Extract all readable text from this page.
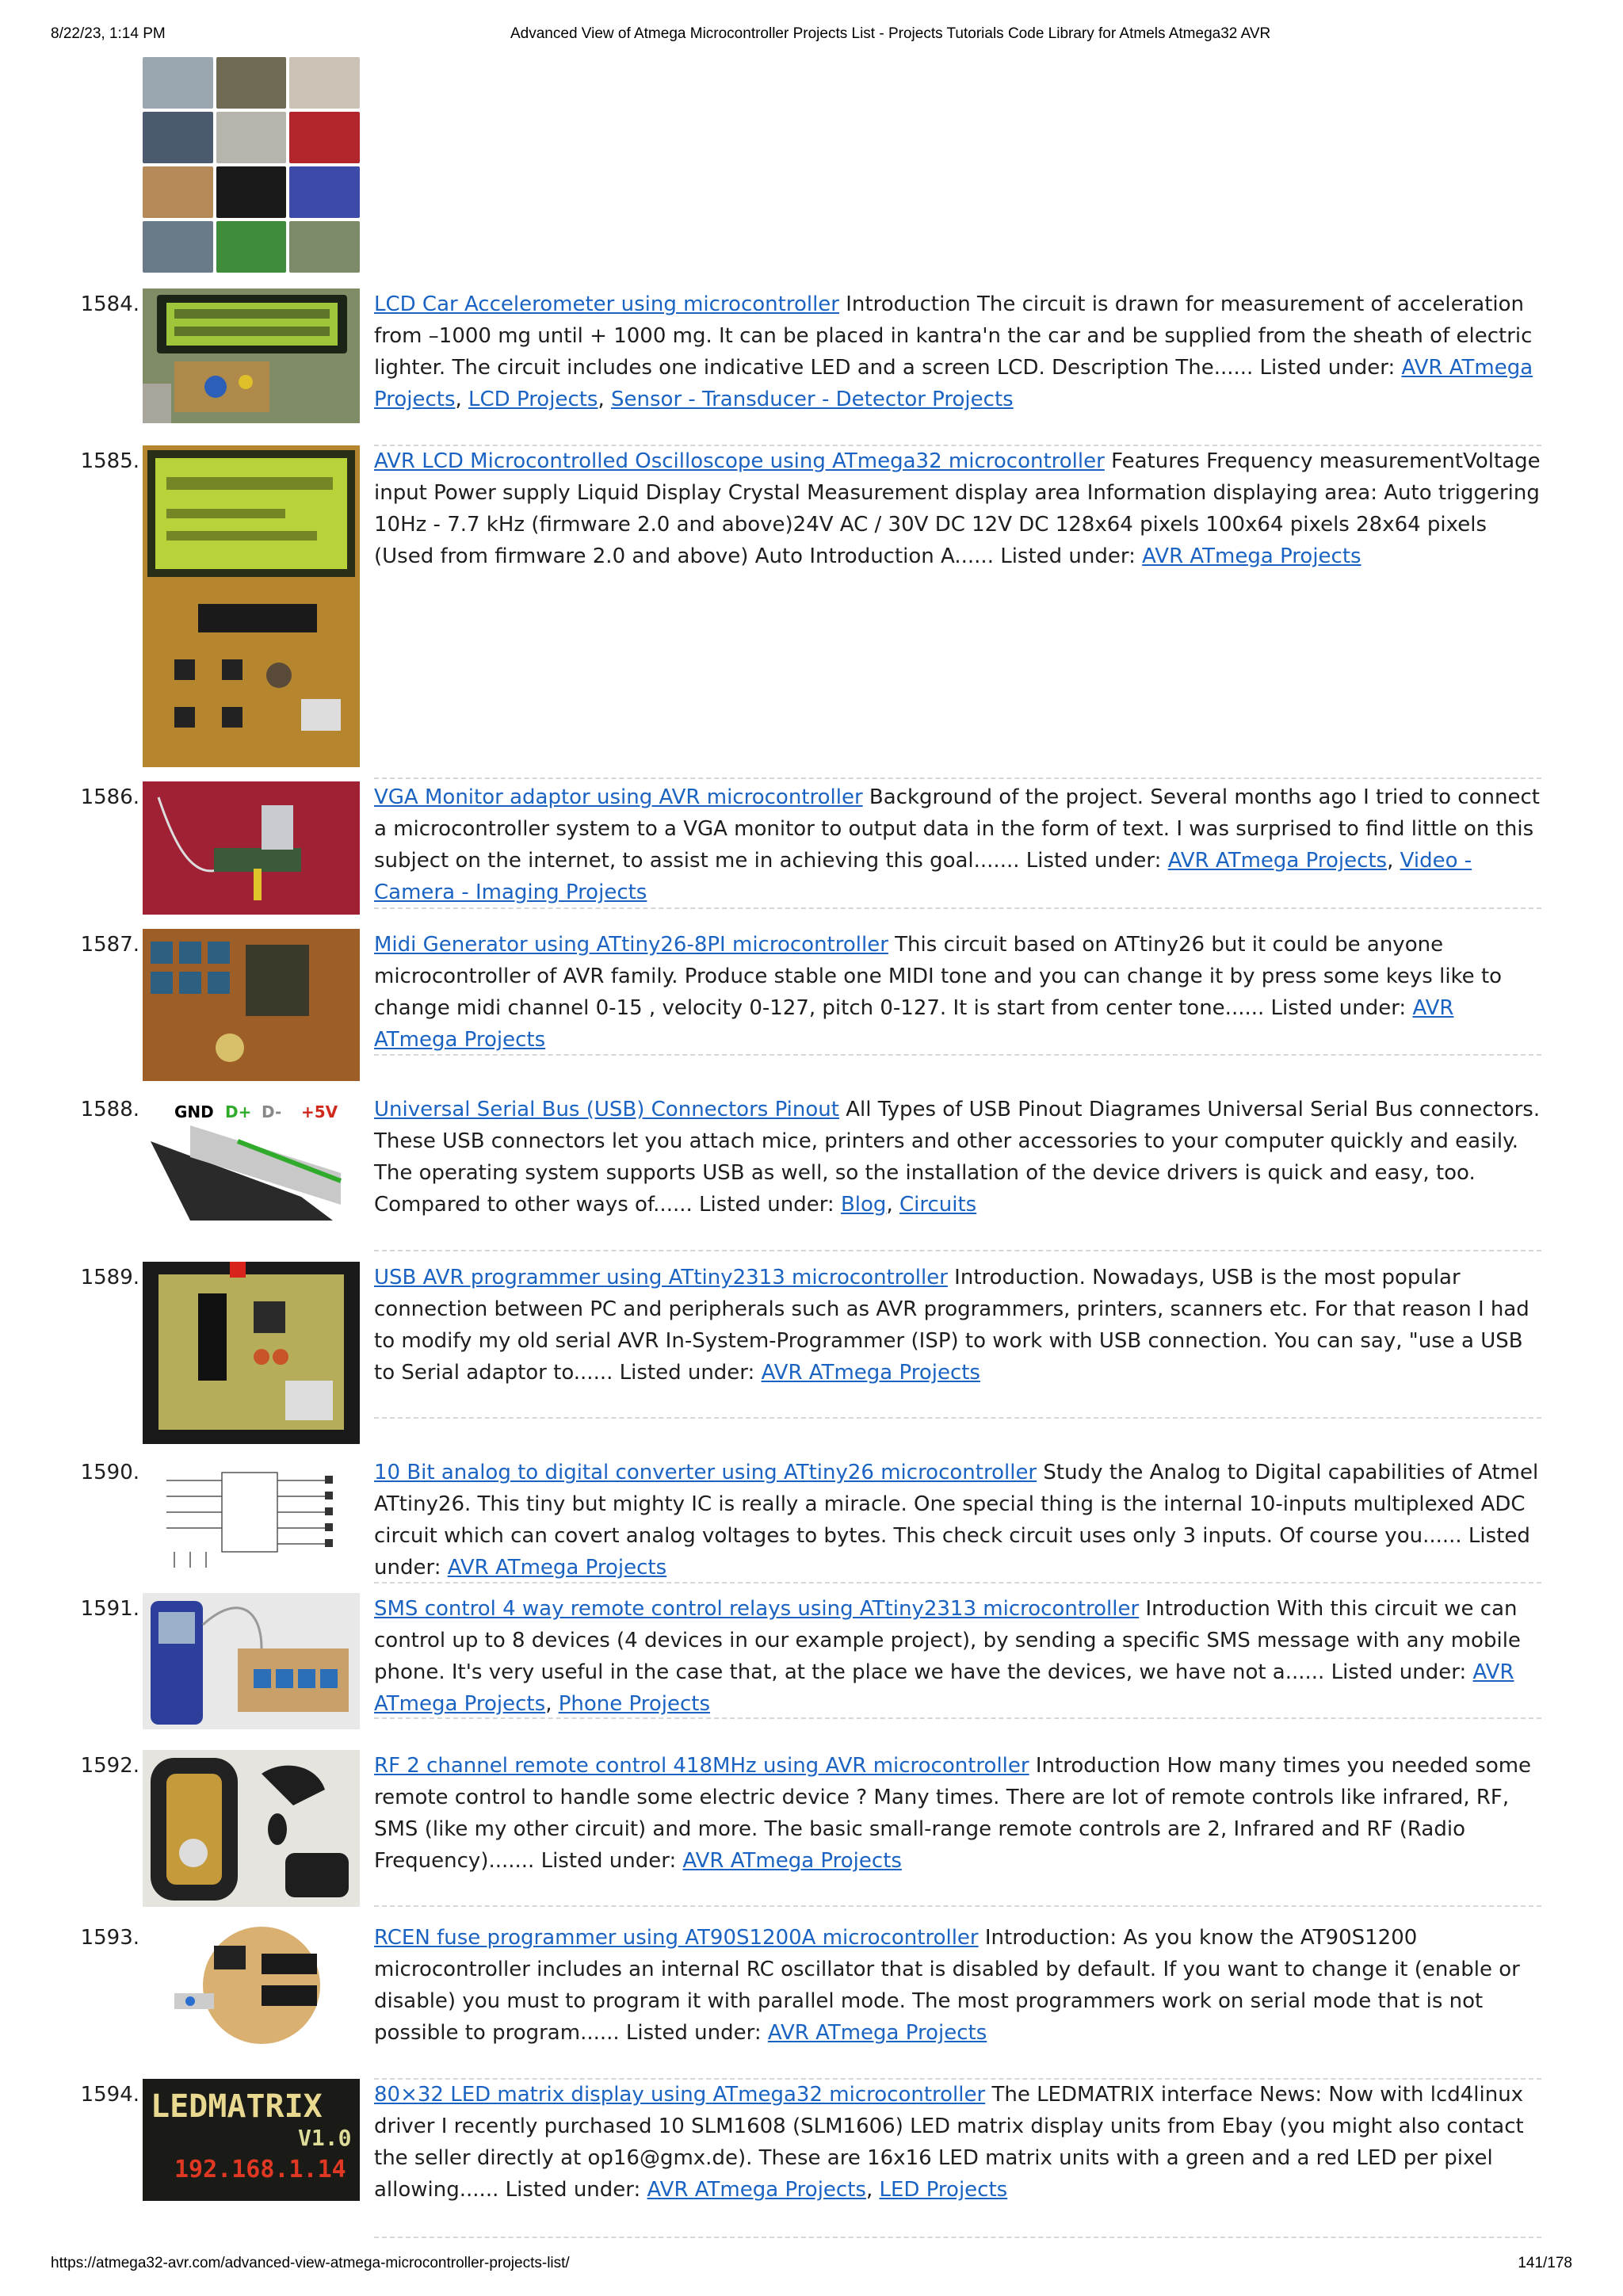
8/22/23, 1:14 PM	Advanced View of Atmega Microcontroller Projects List - Projects Tutorials Code Library for Atmels Atmega32 AVR
1584.	LCD Car Accelerometer using microcontroller Introduction The circuit is drawn for measurement of acceleration from –1000 mg until + 1000 mg. It can be placed in kantra'n the car and be supplied from the sheath of electric lighter. The circuit includes one indicative LED and a screen LCD. Description The...... Listed under: AVR ATmega Projects, LCD Projects, Sensor - Transducer - Detector Projects
1585.	AVR LCD Microcontrolled Oscilloscope using ATmega32 microcontroller Features Frequency measurementVoltage input Power supply Liquid Display Crystal Measurement display area Information displaying area: Auto triggering 10Hz - 7.7 kHz (firmware 2.0 and above)24V AC / 30V DC 12V DC 128x64 pixels 100x64 pixels 28x64 pixels (Used from firmware 2.0 and above) Auto Introduction A...... Listed under: AVR ATmega Projects
1586.	VGA Monitor adaptor using AVR microcontroller Background of the project. Several months ago I tried to connect a microcontroller system to a VGA monitor to output data in the form of text. I was surprised to find little on this subject on the internet, to assist me in achieving this goal....... Listed under: AVR ATmega Projects, Video - Camera - Imaging Projects
1587.	Midi Generator using ATtiny26-8PI microcontroller This circuit based on ATtiny26 but it could be anyone microcontroller of AVR family. Produce stable one MIDI tone and you can change it by press some keys like to change midi channel 0-15 , velocity 0-127, pitch 0-127. It is start from center tone...... Listed under: AVR ATmega Projects
1588. GND D+ D- +5V Universal Serial Bus (USB) Connectors Pinout All Types of USB Pinout Diagrames Universal Serial Bus connectors. These USB connectors let you attach mice, printers and other accessories to your computer quickly and easily. The operating system supports USB as well, so the installation of the device drivers is quick and easy, too. Compared to other ways of...... Listed under: Blog, Circuits
1589.	USB AVR programmer using ATtiny2313 microcontroller Introduction. Nowadays, USB is the most popular connection between PC and peripherals such as AVR programmers, printers, scanners etc. For that reason I had to modify my old serial AVR In-System-Programmer (ISP) to work with USB connection. You can say, "use a USB to Serial adaptor to...... Listed under: AVR ATmega Projects
1590.	10 Bit analog to digital converter using ATtiny26 microcontroller Study the Analog to Digital capabilities of Atmel ATtiny26. This tiny but mighty IC is really a miracle. One special thing is the internal 10-inputs multiplexed ADC circuit which can covert analog voltages to bytes. This check circuit uses only 3 inputs. Of course you...... Listed under: AVR ATmega Projects
1591.	SMS control 4 way remote control relays using ATtiny2313 microcontroller Introduction With this circuit we can control up to 8 devices (4 devices in our example project), by sending a specific SMS message with any mobile phone. It's very useful in the case that, at the place we have the devices, we have not a...... Listed under: AVR ATmega Projects, Phone Projects
1592.	RF 2 channel remote control 418MHz using AVR microcontroller Introduction How many times you needed some remote control to handle some electric device ? Many times. There are lot of remote controls like infrared, RF, SMS (like my other circuit) and more. The basic small-range remote controls are 2, Infrared and RF (Radio Frequency)....... Listed under: AVR ATmega Projects
1593.	RCEN fuse programmer using AT90S1200A microcontroller Introduction: As you know the AT90S1200 microcontroller includes an internal RC oscillator that is disabled by default. If you want to change it (enable or disable) you must to program it with parallel mode. The most programmers work on serial mode that is not possible to program...... Listed under: AVR ATmega Projects
1594. LEDMATRIX
V1.0
192.168.1.14
80×32 LED matrix display using ATmega32 microcontroller The LEDMATRIX interface News: Now with lcd4linux driver I recently purchased 10 SLM1608 (SLM1606) LED matrix display units from Ebay (you might also contact the seller directly at op16@gmx.de). These are 16x16 LED matrix units with a green and a red LED per pixel allowing...... Listed under: AVR ATmega Projects, LED Projects
https://atmega32-avr.com/advanced-view-atmega-microcontroller-projects-list/	141/178
